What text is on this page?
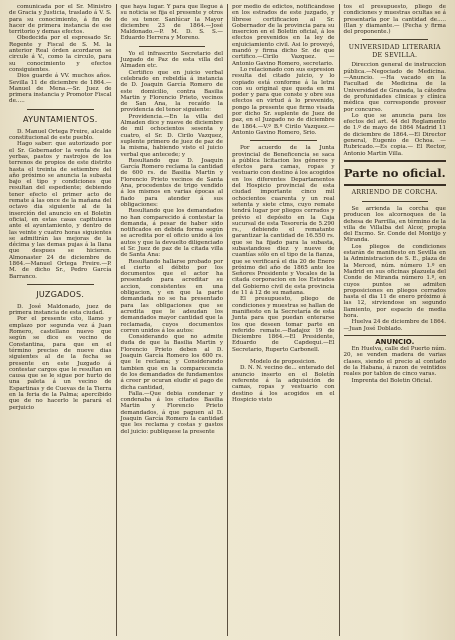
comunicada por el Sr. Ministro de Gracia y Justicia, traslado á V. S. para su conocimiento, á fin de hacer de primera instancia de ese territorio y demas efectos.

Obedecida por el espresado Sr. Regente y Fiscal de S. M. la anterior Real órden acordaron se circule á V., como la circulo, para su conocimiento y efectos consiguientes.

Dios guarde á VV. muchos años. Sevilla 11 de diciembre de 1864.—Manuel de Mena.—Sr. Juez de primera instancia y Promotor Fiscal de.....

AYUNTAMIENTOS.

D. Manuel Ortega Freire, alcalde constitucional de este pueblo.

Hago saber: que autorizado por el Sr. Gobernador la venta de las yerbas, pastos y rastrojos de los terrenos de propios de este distrito hasta el treinta de setiembre del año próximo se anuncia la subasta bajo el tipo y condiciones que resultan del espediente; debiendo tener efecto el primer acto de remate á las once de la mañana del octavo dia siguiente al de la inserción del anuncio en el Boletin oficial, en estas casas capitulares ante el ayuntamiento, y dentro de las veinte y cuatro horas siguientes se admitirán las mejoras de la décima y las demas pujas á la llana que despues se hicieren. Almonaster 24 de diciembre de 1864.—Manuel Ortega Freire.—P. M. de dicho Sr., Pedro García Barranco.

JUZGADOS.

D. José Maldonado, juez de primera instancia de esta ciudad.

Por el presente cito, llamo y emplazo por segunda vez á Juan Romero, castellano nuevo que según se dice es vecino de Constantina, para que en el término preciso de nueve dias siguientes al de la fecha se presente en este Juzgado á contestar cargos que le resultan en causa que se le sigue por hurto de una paleta á un vecino de Espartinas y de Cuevas de la Tierra en la feria de la Palma; apercibido que de no hacerlo le parará el perjuicio

que haya lugar. Y para que llegue á su noticia se fija el presente y otros de su tenor. Sanlúcar la Mayor diciembre 23 de 1864.—José Maldonado.—P. M. D. S. S.—Eduardo Herrera y Moreno.

Yo el infrascrito Secretario del Juzgado de Paz de esta villa del Almaden etc.

Certifico que en juicio verbal celebrado en rebeldía á instancia de D. Joaquin García Romero de este domicilio, contra Basilia Martin y Florencio Prieto, vecinos de San Ana, la recaído la providencia del tenor siguiente:

Providencia.—En la villa del Almaden dice y nueve de diciembre de mil ochocientos sesenta y cuatro, el Sr. D. Cirilo Vazquez, suplente primero de juez de paz de la misma, habiendo visto el juicio verbal que antecede; y

Resultando que D. Joaquin García Romero reclama la cantidad de 600 rs. de Basilia Martin y Florencio Prieto vecinos de Santa Ana, procedentes de trigo vendido á los mismos en varias épocas al fiado para atender á sus obligaciones:

Resultando que los demandados no han comparecido á contestar la demanda, á pesar de haber sido notificados en debida forma según se acredita por el oficio unido á los autos y que la devuelto diligenciado el Sr. Juez de paz de la citada villa de Santa Ana:

Resultando hallarse probado por el cierto el débito por los documentos que el actor ha presentado para acreditar su accion, consistentes en una obligacion, y en que la parte demandada no se ha presentado para las obligaciones que se acredita que le adeudan los demandados mayor cantidad que la reclamada, cuyos documentos corren unidos á los autos:

Considerando que no admite duda de que la Basilia Martin y Florencio Prieto deben al D. Joaquin García Romero los 600 rs. que le reclama; y Considerando tambien que en la comparecencia de los demandados de fundamentos á creer pr ocuran eludir el pago de dicha cantidad,

Falla.—Que debia condenar y condenaba á los citados Basilia Martin y Florencio Prieto demandados, á que paguen al D. Joaquin García Romero la cantidad que les reclama y costas y gastos del juicio: publiquese la presente

por medio de edictos, notificándose en los estrados de este juzgado, y líbrese certificacion al Sr. Gobernador de la provincia para su insercion en el Boletin oficial, á los efectos prevenidos en la ley de enjuiciamiento civil. Asi lo proveyó, mandó y firma dicho Sr. de que certifico.—Cirilo Vazquez. —Antonio Gavino Romero, secretario.

Lo relacionado con sus espresion resulta del citado juicio, y lo copiado está conforme á la letra con su original que queda en mi poder y para que conste y obre sus efectos en virtud á lo prevenido, pongo la presente que firmo visada por dicho Sr. suplente de Juez de paz, en el Juzgado no de diciembre de 1864.—V.º B.º Cirilo Vazquez.—Antonio Gavino Romero, Srio.

Por acuerdo de la Junta provincial de Beneficencia se saca á pública licitacion los géneros y efectos para camas, ropas y vestuario con destino á los acogidos en los diferentes Departamentos del Hospicio provincial de esta ciudad importante cinco mil ochocientos cuarenta y un real setenta y siete ctms, cuyo remate tendrá lugar por pliegos cerrados y prévio el depósito en la Caja sucursal de esta Tesorería de 5.290 rs., debiendo el rematante garantizar la cantidad de 16.550 rs. que se ha fijado para la subasta, subastandose diez y nueve de cuantías sólo en el tipo de la fianza, que se verificará el dia 20 de Enero próximo del año de 1865 ante los Señores Presidente y Vocales de la citada corporacion en los Estrados del Gobierno civil de esta provincia de 11 á 12 de su mañana.

El presupuesto, pliego de condiciones y muestras se hallan de manifiesto en la Secretaría de esta Junta para que puedan enterarse los que deseen tomar parte en referido remate.—Badajoz 19 de Diciembre 1864.—El Presidente, Eduardo de Capdequi.—El Secretario, Ruperto Carbonell.

Modelo de proposicion.

D. N. N. vecino de... enterado del anuncio inserto en el Boletín referente á la adquisición de camas, ropas y vestuario con destino á los acogidos en el Hospicio visto

tos el presupuesto, pliego de condiciones y muestras ocultas se á presentarla por la cantidad de.....(Ilan y diamante.— (Fecha y firma del proponente.)

UNIVERSIDAD LITERARIA DE SEVILLA.

Direccion general de instruccion pública.—Negociado de Medicina.—Anuncio. —Ha vacado en la Facultad de Medicina de la Universidad de Granada, la cátedra de profunidades clinicas y clínica médica que corresponde proveer por concurso.

Lo que se anuncia para los efectos del art. 44 del Reglamento de 1.º de mayo de 1864 Madrid 11 de diciembre de 1864.—El Director general, Eugenio de Ochoa. —Rubricado.—Es copia.— El Rector, Antonio Martin Villa.

Parte no oficial.
ARRIENDO DE CORCHA.

Se arrienda la corcha que producen los alcornoques de la dehesa de Parrilla, en término de la villa de Villalba del Alcor, propia del Excmo. Sr. Conde del Montijo y Miranda.

Los pliegos de condiciones estarán de manifiesto en Sevilla en la Administracion de S. E., plaza de la Merced, núm. número 1.º en Madrid en sus oficinas plazuela del Conde de Miranda número 1.º, en cuyos puntos se admiten proposiciones en pliegos cerrados hasta el dia 11 de enero próximo á las 12, sirviendose sn segundo llamiento, por espacio de media hora.

Huelva 24 de diciembre de 1864.—Juan José Doblado.

ANUNCIO.

En Huelva, calle del Puerto núm. 20, se venden madera de varias clases, siendo el precio al contado de la Habana, á razon de veintidos reales por tablon de cinco varas.

Imprenta del Boletin Oficial.
